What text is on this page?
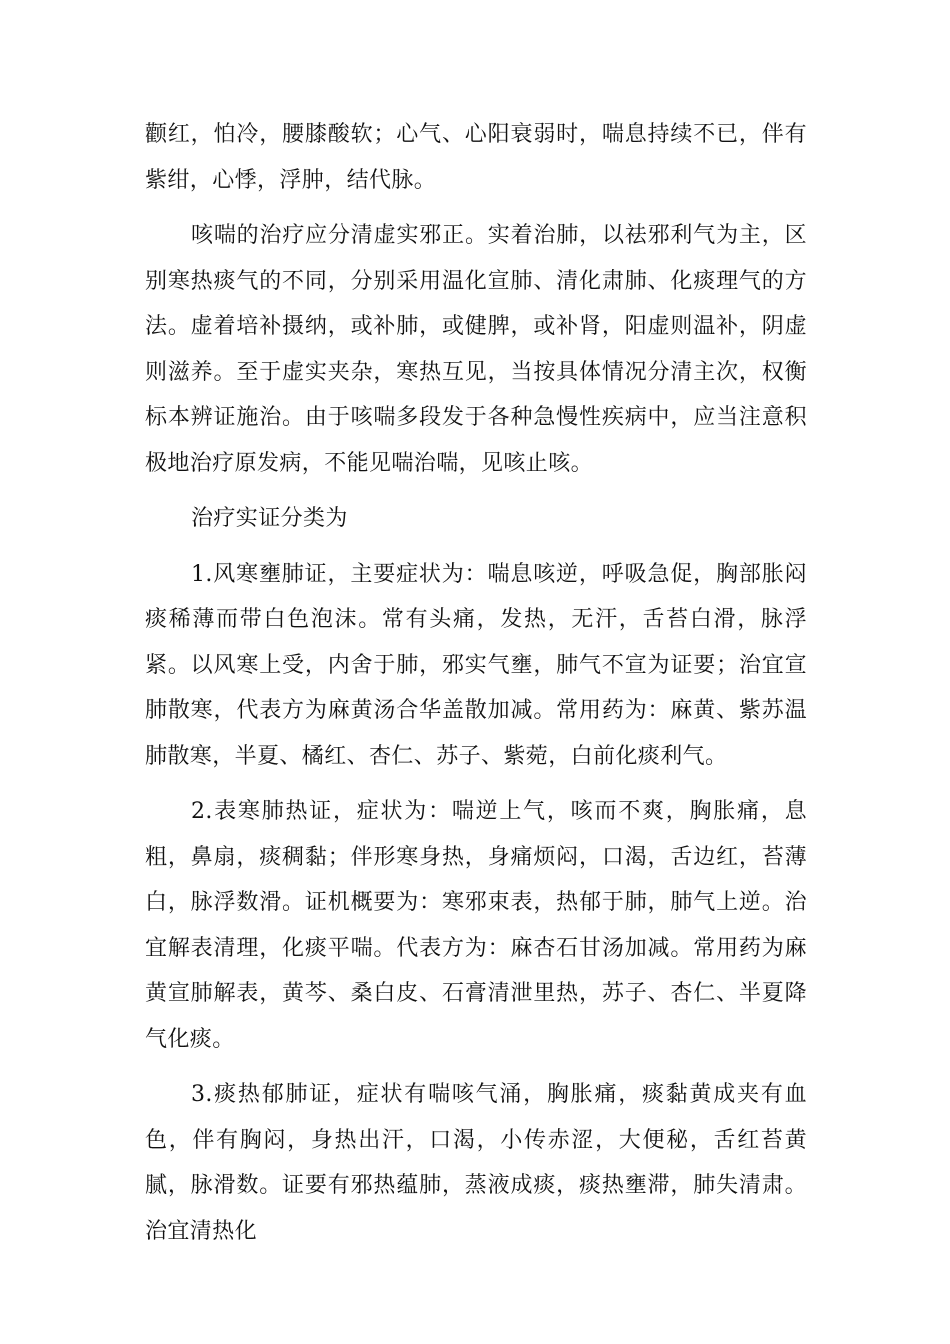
颧红，怕冷，腰膝酸软；心气、心阳衰弱时，喘息持续不已，伴有紫绀，心悸，浮肿，结代脉。

咳喘的治疗应分清虚实邪正。实着治肺，以祛邪利气为主，区别寒热痰气的不同，分别采用温化宣肺、清化肃肺、化痰理气的方法。虚着培补摄纳，或补肺，或健脾，或补肾，阳虚则温补，阴虚则滋养。至于虚实夹杂，寒热互见，当按具体情况分清主次，权衡标本辨证施治。由于咳喘多段发于各种急慢性疾病中，应当注意积极地治疗原发病，不能见喘治喘，见咳止咳。

治疗实证分类为

1.风寒壅肺证，主要症状为：喘息咳逆，呼吸急促，胸部胀闷痰稀薄而带白色泡沫。常有头痛，发热，无汗，舌苔白滑，脉浮紧。以风寒上受，内舍于肺，邪实气壅，肺气不宣为证要；治宜宣肺散寒，代表方为麻黄汤合华盖散加减。常用药为：麻黄、紫苏温肺散寒，半夏、橘红、杏仁、苏子、紫菀，白前化痰利气。

2.表寒肺热证，症状为：喘逆上气，咳而不爽，胸胀痛，息粗，鼻扇，痰稠黏；伴形寒身热，身痛烦闷，口渴，舌边红，苔薄白，脉浮数滑。证机概要为：寒邪束表，热郁于肺，肺气上逆。治宜解表清理，化痰平喘。代表方为：麻杏石甘汤加减。常用药为麻黄宣肺解表，黄芩、桑白皮、石膏清泄里热，苏子、杏仁、半夏降气化痰。

3.痰热郁肺证，症状有喘咳气涌，胸胀痛，痰黏黄成夹有血色，伴有胸闷，身热出汗，口渴，小传赤涩，大便秘，舌红苔黄腻，脉滑数。证要有邪热蕴肺，蒸液成痰，痰热壅滞，肺失清肃。治宜清热化
